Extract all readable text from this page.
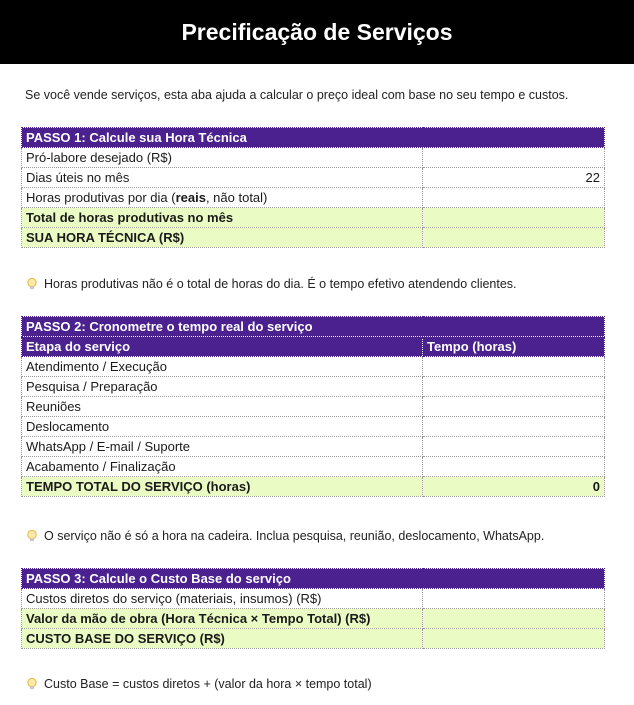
Precificação de Serviços
Se você vende serviços, esta aba ajuda a calcular o preço ideal com base no seu tempo e custos.
PASSO 1: Calcule sua Hora Técnica	
Pró-labore desejado (R$)	
Dias úteis no mês	22
Horas produtivas por dia (reais, não total)	
Total de horas produtivas no mês	
SUA HORA TÉCNICA (R$)	
Horas produtivas não é o total de horas do dia. É o tempo efetivo atendendo clientes.
PASSO 2: Cronometre o tempo real do serviço	
Etapa do serviço	Tempo (horas)
Atendimento / Execução	
Pesquisa / Preparação	
Reuniões	
Deslocamento	
WhatsApp / E-mail / Suporte	
Acabamento / Finalização	
TEMPO TOTAL DO SERVIÇO (horas)	0
O serviço não é só a hora na cadeira. Inclua pesquisa, reunião, deslocamento, WhatsApp.
PASSO 3: Calcule o Custo Base do serviço	
Custos diretos do serviço (materiais, insumos) (R$)	
Valor da mão de obra (Hora Técnica × Tempo Total) (R$)	
CUSTO BASE DO SERVIÇO (R$)	
Custo Base = custos diretos + (valor da hora × tempo total)
